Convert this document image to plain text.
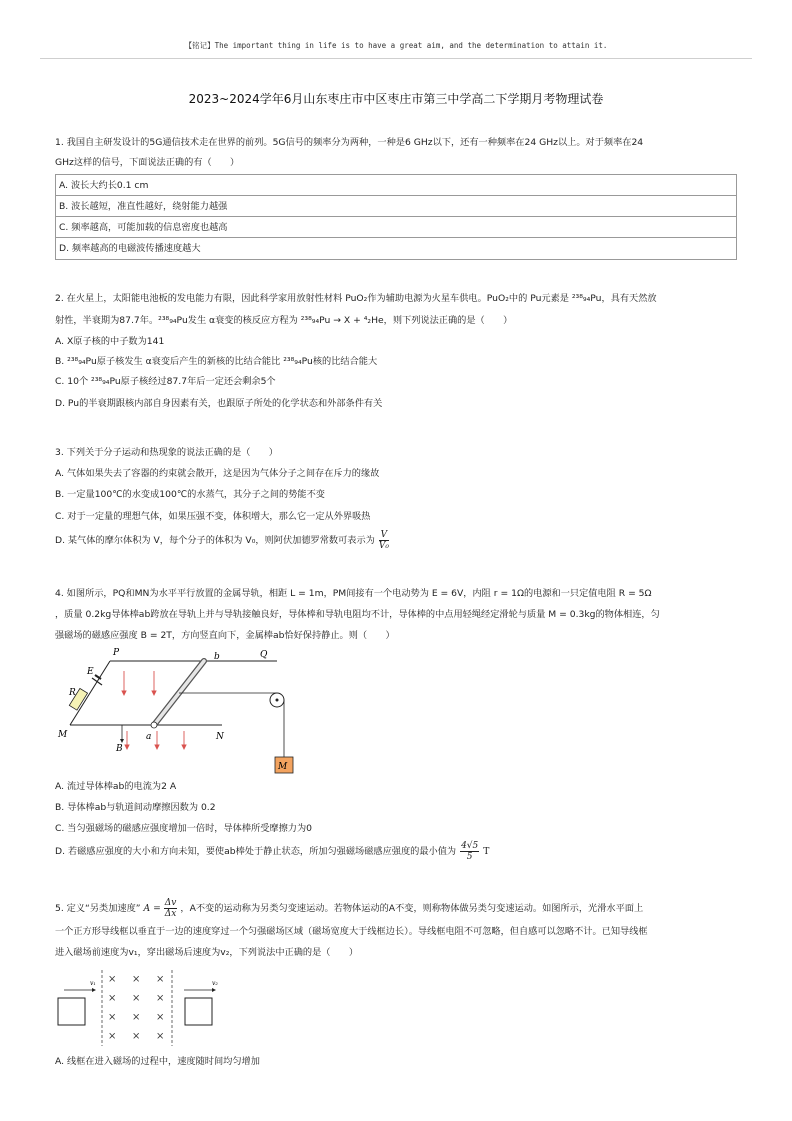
【铭记】The important thing in life is to have a great aim, and the determination to attain it.
2023~2024学年6月山东枣庄市中区枣庄市第三中学高二下学期月考物理试卷
1. 我国自主研发设计的5G通信技术走在世界的前列。5G信号的频率分为两种，一种是6 GHz以下，还有一种频率在24 GHz以上。对于频率在24
GHz这样的信号，下面说法正确的有（　　）
A. 波长大约长0.1 cm
B. 波长越短，准直性越好，绕射能力越强
C. 频率越高，可能加载的信息密度也越高
D. 频率越高的电磁波传播速度越大
2. 在火星上，太阳能电池板的发电能力有限，因此科学家用放射性材料 PuO₂作为辅助电源为火星车供电。PuO₂中的 Pu元素是 ²³⁸₉₄Pu，具有天然放
射性，半衰期为87.7年。²³⁸₉₄Pu发生 α衰变的核反应方程为 ²³⁸₉₄Pu → X + ⁴₂He，则下列说法正确的是（　　）
A. X原子核的中子数为141
B. ²³⁸₉₄Pu原子核发生 α衰变后产生的新核的比结合能比 ²³⁸₉₄Pu核的比结合能大
C. 10个 ²³⁸₉₄Pu原子核经过87.7年后一定还会剩余5个
D. Pu的半衰期跟核内部自身因素有关，也跟原子所处的化学状态和外部条件有关
3. 下列关于分子运动和热现象的说法正确的是（　　）
A. 气体如果失去了容器的约束就会散开，这是因为气体分子之间存在斥力的缘故
B. 一定量100℃的水变成100℃的水蒸气，其分子之间的势能不变
C. 对于一定量的理想气体，如果压强不变，体积增大，那么它一定从外界吸热
D. 某气体的摩尔体积为 V，每个分子的体积为 V₀，则阿伏加德罗常数可表示为 $\frac{V}{\text{V₀}}$
4. 如图所示，PQ和MN为水平平行放置的金属导轨，相距 L = 1m，PM间接有一个电动势为 E = 6V，内阻 r = 1Ω的电源和一只定值电阻 R = 5Ω
，质量 0.2kg导体棒ab跨放在导轨上并与导轨接触良好，导体棒和导轨电阻均不计，导体棒的中点用轻绳经定滑轮与质量 M = 0.3kg的物体相连，匀
强磁场的磁感应强度 B = 2T，方向竖直向下，金属棒ab恰好保持静止。则（　　）
P	Q
E
R
b
a
M	N
B
M
A. 流过导体棒ab的电流为2 A
B. 导体棒ab与轨道间动摩擦因数为 0.2
C. 当匀强磁场的磁感应强度增加一倍时，导体棒所受摩擦力为0
D. 若磁感应强度的大小和方向未知，要使ab棒处于静止状态，所加匀强磁场磁感应强度的最小值为 $\frac{4√5}{5}$ T
5. 定义“另类加速度” $A = \frac{\Delta v}{\Delta x}$ ，A不变的运动称为另类匀变速运动。若物体运动的A不变，则称物体做另类匀变速运动。如图所示，光滑水平面上
一个正方形导线框以垂直于一边的速度穿过一个匀强磁场区域（磁场宽度大于线框边长）。导线框电阻不可忽略，但自感可以忽略不计。已知导线框
进入磁场前速度为v₁，穿出磁场后速度为v₂，下列说法中正确的是（　　）
v₁ × × ×
× × ×
× × ×
× × ×
v₂
A. 线框在进入磁场的过程中，速度随时间均匀增加
